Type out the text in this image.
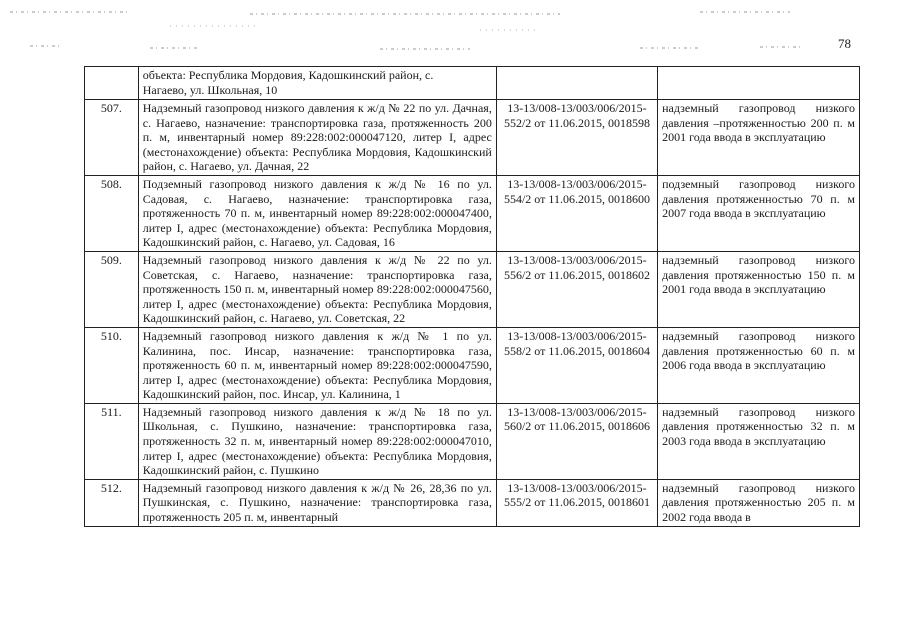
78

	объекта: Республика Мордовия, Кадошкинский район, с.
Нагаево, ул. Школьная, 10		

507.	Надземный газопровод низкого давления к ж/д № 22 по ул. Дачная, с. Нагаево, назначение: транспортировка газа, протяженность 200 п. м, инвентарный номер 89:228:002:000047120, литер I, адрес (местонахождение) объекта: Республика Мордовия, Кадошкинский район, с. Нагаево, ул. Дачная, 22	13-13/008-13/003/006/2015-552/2 от 11.06.2015, 0018598	надземный газопровод низкого давления –протяженностью 200 п. м 2001 года ввода в эксплуатацию
508.	Подземный газопровод низкого давления к ж/д № 16 по ул. Садовая, с. Нагаево, назначение: транспортировка газа, протяженность 70 п. м, инвентарный номер 89:228:002:000047400, литер I, адрес (местонахождение) объекта: Республика Мордовия, Кадошкинский район, с. Нагаево, ул. Садовая, 16	13-13/008-13/003/006/2015-554/2 от 11.06.2015, 0018600	подземный газопровод низкого давления протяженностью 70 п. м 2007 года ввода в эксплуатацию
509.	Надземный газопровод низкого давления к ж/д № 22 по ул. Советская, с. Нагаево, назначение: транспортировка газа, протяженность 150 п. м, инвентарный номер 89:228:002:000047560, литер I, адрес (местонахождение) объекта: Республика Мордовия, Кадошкинский район, с. Нагаево, ул. Советская, 22	13-13/008-13/003/006/2015-556/2 от 11.06.2015, 0018602	надземный газопровод низкого давления протяженностью 150 п. м 2001 года ввода в эксплуатацию
510.	Надземный газопровод низкого давления к ж/д № 1 по ул. Калинина, пос. Инсар, назначение: транспортировка газа, протяженность 60 п. м, инвентарный номер 89:228:002:000047590, литер I, адрес (местонахождение) объекта: Республика Мордовия, Кадошкинский район, пос. Инсар, ул. Калинина, 1	13-13/008-13/003/006/2015-558/2 от 11.06.2015, 0018604	надземный газопровод низкого давления протяженностью 60 п. м 2006 года ввода в эксплуатацию
511.	Надземный газопровод низкого давления к ж/д № 18 по ул. Школьная, с. Пушкино, назначение: транспортировка газа, протяженность 32 п. м, инвентарный номер 89:228:002:000047010, литер I, адрес (местонахождение) объекта: Республика Мордовия, Кадошкинский район, с. Пушкино	13-13/008-13/003/006/2015-560/2 от 11.06.2015, 0018606	надземный газопровод низкого давления протяженностью 32 п. м 2003 года ввода в эксплуатацию
512.	Надземный газопровод низкого давления к ж/д № 26, 28,36 по ул. Пушкинская, с. Пушкино, назначение: транспортировка газа, протяженность 205 п. м, инвентарный	13-13/008-13/003/006/2015-555/2 от 11.06.2015, 0018601	надземный газопровод низкого давления протяженностью 205 п. м 2002 года ввода в
